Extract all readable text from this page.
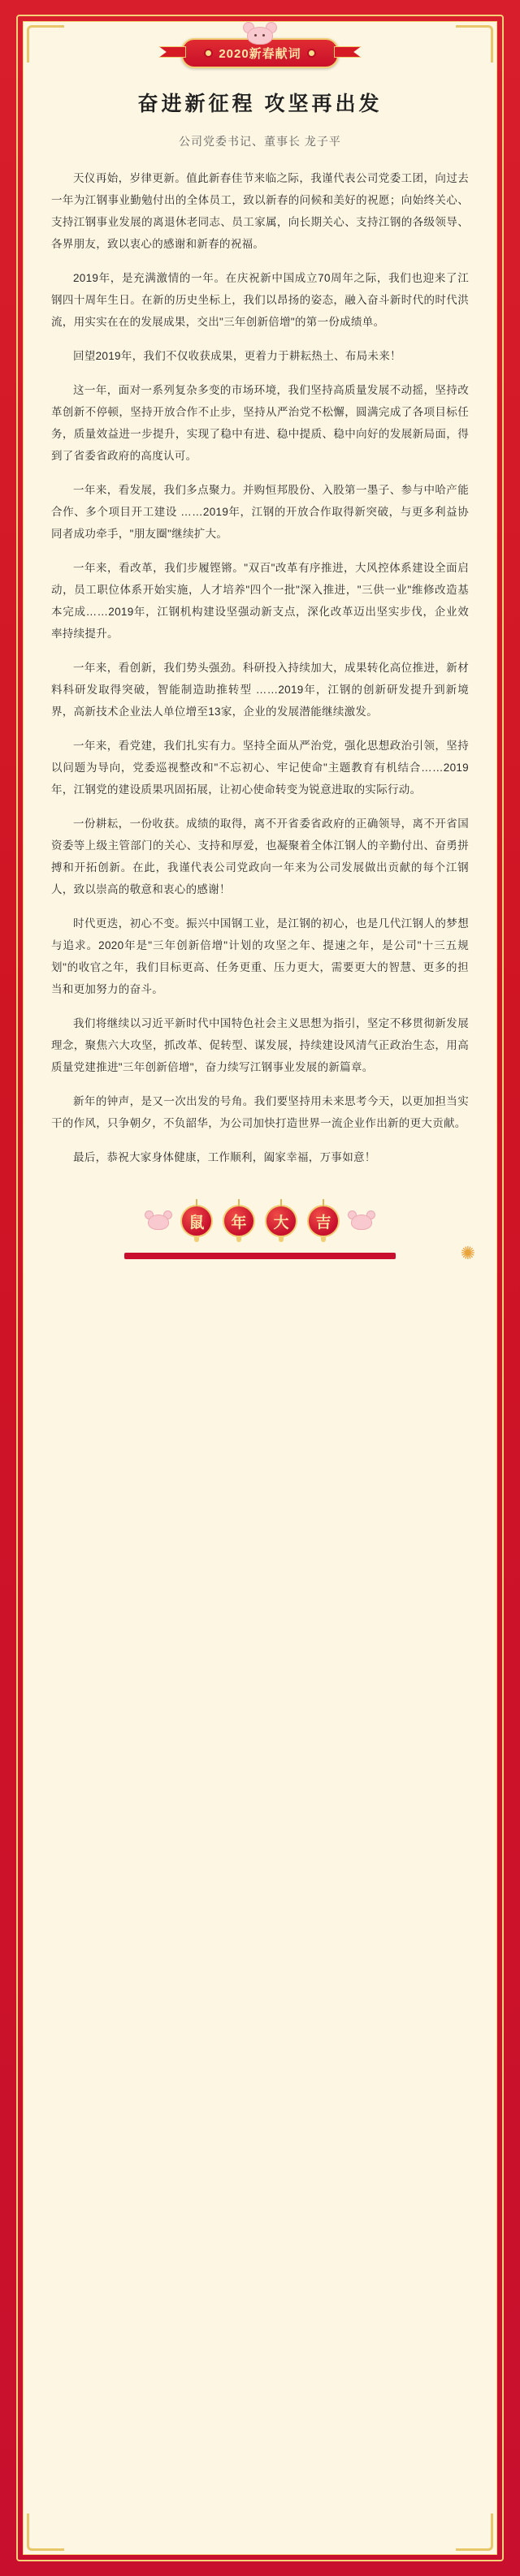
2020新春献词
奋进新征程 攻坚再出发
公司党委书记、董事长 龙子平

天仪再始，岁律更新。值此新春佳节来临之际，我谨代表公司党委工团，向过去一年为江钢事业勤勉付出的全体员工，致以新春的问候和美好的祝愿；向始终关心、支持江钢事业发展的离退休老同志、员工家属，向长期关心、支持江钢的各级领导、各界朋友，致以衷心的感谢和新春的祝福。

2019年，是充满激情的一年。在庆祝新中国成立70周年之际，我们也迎来了江钢四十周年生日。在新的历史坐标上，我们以昂扬的姿态，融入奋斗新时代的时代洪流，用实实在在的发展成果，交出"三年创新倍增"的第一份成绩单。

回望2019年，我们不仅收获成果，更着力于耕耘热土、布局未来！

这一年，面对一系列复杂多变的市场环境，我们坚持高质量发展不动摇，坚持改革创新不停顿，坚持开放合作不止步，坚持从严治党不松懈，圆满完成了各项目标任务，质量效益进一步提升，实现了稳中有进、稳中提质、稳中向好的发展新局面，得到了省委省政府的高度认可。

一年来，看发展，我们多点聚力。并购恒邦股份、入股第一墨子、参与中哈产能合作、多个项目开工建设 ……2019年，江钢的开放合作取得新突破，与更多利益协同者成功牵手，"朋友圈"继续扩大。

一年来，看改革，我们步履铿锵。"双百"改革有序推进，大风控体系建设全面启动，员工职位体系开始实施，人才培养"四个一批"深入推进，"三供一业"维修改造基本完成……2019年，江钢机构建设坚强动新支点，深化改革迈出坚实步伐，企业效率持续提升。

一年来，看创新，我们势头强劲。科研投入持续加大，成果转化高位推进，新材料科研发取得突破，智能制造助推转型 ……2019年，江钢的创新研发提升到新境界，高新技术企业法人单位增至13家，企业的发展潜能继续激发。

一年来，看党建，我们扎实有力。坚持全面从严治党，强化思想政治引领，坚持以问题为导向，党委巡视整改和"不忘初心、牢记使命"主题教育有机结合……2019年，江钢党的建设质果巩固拓展，让初心使命转变为锐意进取的实际行动。

一份耕耘，一份收获。成绩的取得，离不开省委省政府的正确领导，离不开省国资委等上级主管部门的关心、支持和厚爱，也凝聚着全体江钢人的辛勤付出、奋勇拼搏和开拓创新。在此，我谨代表公司党政向一年来为公司发展做出贡献的每个江钢人，致以崇高的敬意和衷心的感谢！

时代更迭，初心不变。振兴中国钢工业，是江钢的初心，也是几代江钢人的梦想与追求。2020年是"三年创新倍增"计划的攻坚之年、提速之年，是公司"十三五规划"的收官之年，我们目标更高、任务更重、压力更大，需要更大的智慧、更多的担当和更加努力的奋斗。

我们将继续以习近平新时代中国特色社会主义思想为指引，坚定不移贯彻新发展理念，聚焦六大攻坚，抓改革、促转型、谋发展，持续建设风清气正政治生态，用高质量党建推进"三年创新倍增"，奋力续写江钢事业发展的新篇章。

新年的钟声，是又一次出发的号角。我们要坚持用未来思考今天，以更加担当实干的作风，只争朝夕，不负韶华，为公司加快打造世界一流企业作出新的更大贡献。

最后，恭祝大家身体健康，工作顺利，阖家幸福，万事如意！

鼠	年	大	吉
✺
